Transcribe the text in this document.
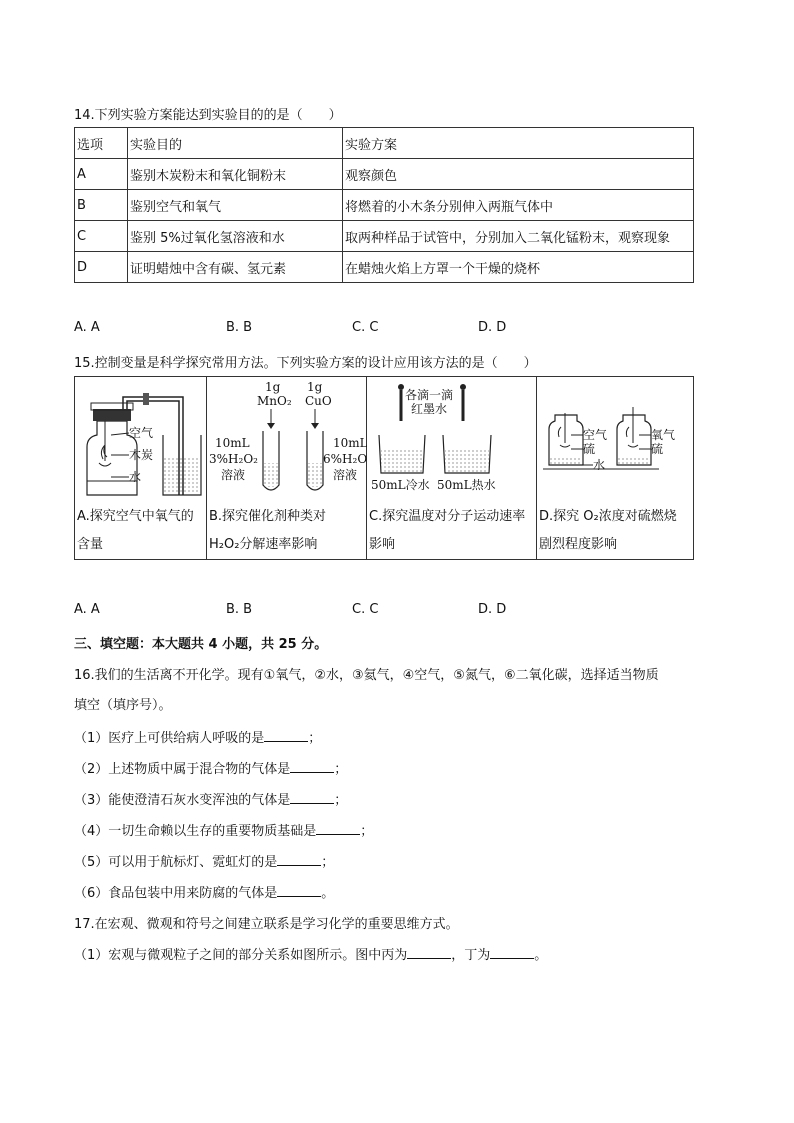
14.下列实验方案能达到实验目的的是（　　）
选项	实验目的	实验方案
A	鉴别木炭粉末和氧化铜粉末	观察颜色
B	鉴别空气和氧气	将燃着的小木条分别伸入两瓶气体中
C	鉴别 5%过氧化氢溶液和水	取两种样品于试管中，分别加入二氧化锰粉末，观察现象
D	证明蜡烛中含有碳、氢元素	在蜡烛火焰上方罩一个干燥的烧杯
A. A	B. B	C. C	D. D
15.控制变量是科学探究常用方法。下列实验方案的设计应用该方法的是（　　）
空气
木炭
水
A.探究空气中氧气的
含量
1g
MnO₂
1g
CuO
10mL
3%H₂O₂
溶液
10mL
6%H₂O
溶液
B.探究催化剂种类对
H₂O₂分解速率影响
各滴一滴
红墨水
50mL冷水 50mL热水
C.探究温度对分子运动速率
影响
空气
硫
氧气
硫
水
D.探究 O₂浓度对硫燃烧
剧烈程度影响
A. A	B. B	C. C	D. D
三、填空题：本大题共 4 小题，共 25 分。
16.我们的生活离不开化学。现有①氧气，②水，③氦气，④空气，⑤氮气，⑥二氧化碳，选择适当物质
填空（填序号）。
（1）医疗上可供给病人呼吸的是	；
（2）上述物质中属于混合物的气体是	；
（3）能使澄清石灰水变浑浊的气体是	；
（4）一切生命赖以生存的重要物质基础是	；
（5）可以用于航标灯、霓虹灯的是	；
（6）食品包装中用来防腐的气体是	。
17.在宏观、微观和符号之间建立联系是学习化学的重要思维方式。
（1）宏观与微观粒子之间的部分关系如图所示。图中丙为	，丁为	。
